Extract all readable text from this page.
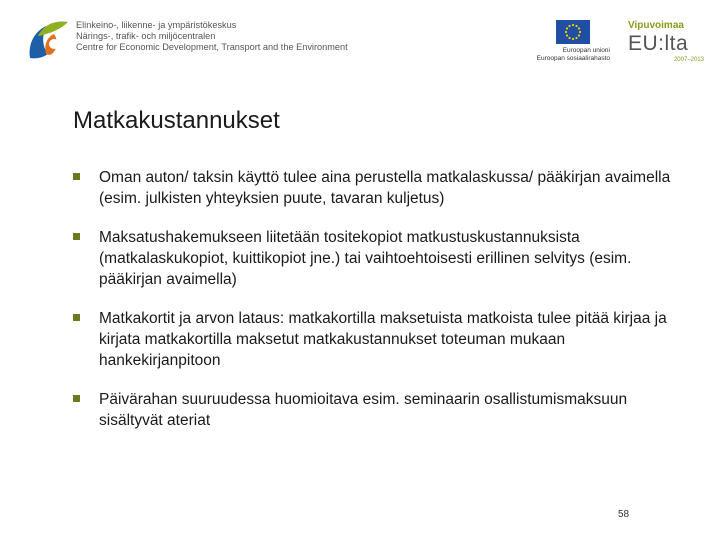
Elinkeino-, liikenne- ja ympäristökeskus
Närings-, trafik- och miljöcentralen
Centre for Economic Development, Transport and the Environment	Euroopan unioni
Euroopan sosiaalirahasto
Vipuvoimaa
EU:lta
2007–2013
Matkakustannukset
Oman auton/ taksin käyttö tulee aina perustella matkalaskussa/ pääkirjan avaimella (esim. julkisten yhteyksien puute, tavaran kuljetus)
Maksatushakemukseen liitetään tositekopiot matkustuskustannuksista (matkalaskukopiot, kuittikopiot jne.) tai vaihtoehtoisesti erillinen selvitys (esim. pääkirjan avaimella)
Matkakortit ja arvon lataus: matkakortilla maksetuista matkoista tulee pitää kirjaa ja kirjata matkakortilla maksetut matkakustannukset toteuman mukaan hankekirjanpitoon
Päivärahan suuruudessa huomioitava esim. seminaarin osallistumismaksuun sisältyvät ateriat
58
